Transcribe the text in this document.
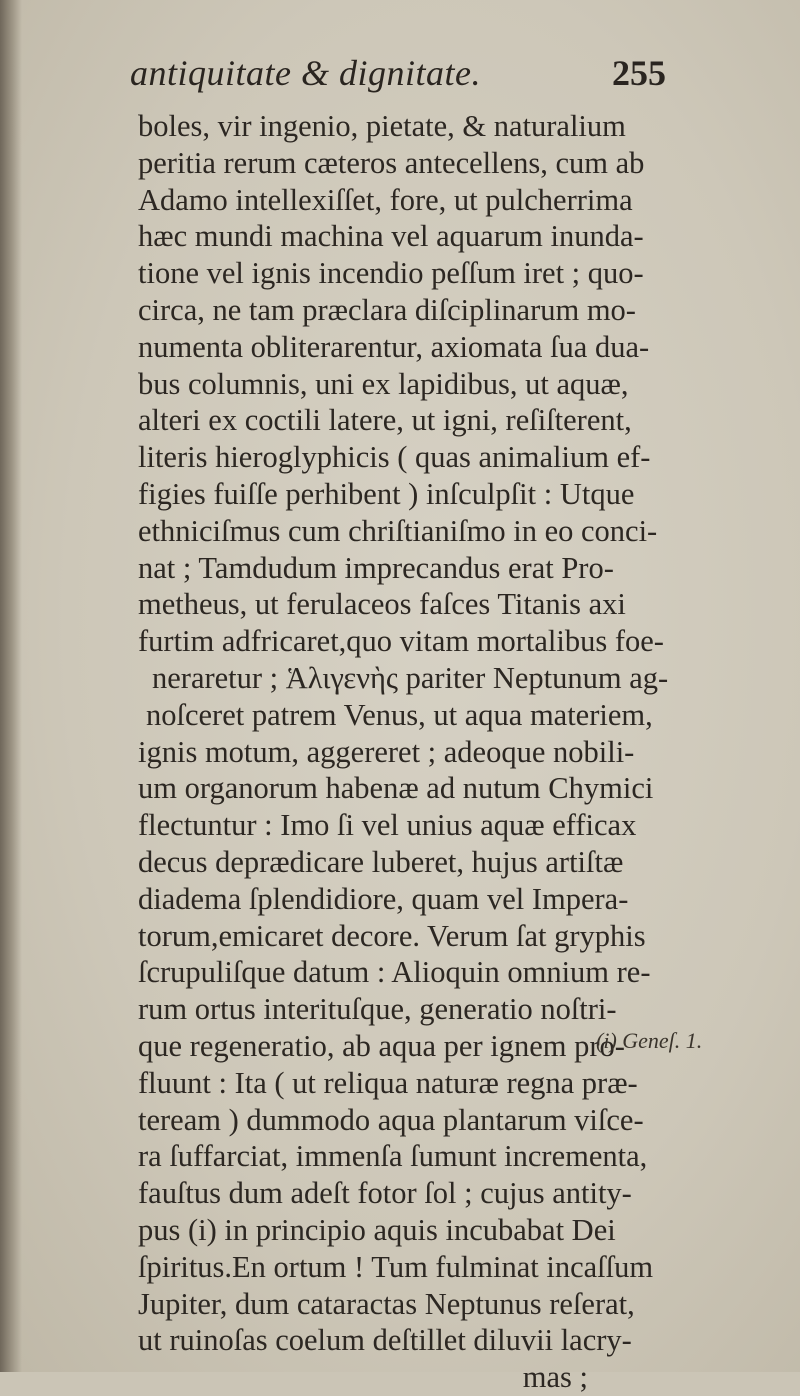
antiquitate & dignitate.	255
boles, vir ingenio, pietate, & naturalium
peritia rerum cæteros antecellens, cum ab
Adamo intellexiſſet, fore, ut pulcherrima
hæc mundi machina vel aquarum inunda-
tione vel ignis incendio peſſum iret ; quo-
circa, ne tam præclara diſciplinarum mo-
numenta obliterarentur, axiomata ſua dua-
bus columnis, uni ex lapidibus, ut aquæ,
alteri ex coctili latere, ut igni, reſiſterent,
literis hieroglyphicis ( quas animalium ef-
figies fuiſſe perhibent ) inſculpſit : Utque
ethniciſmus cum chriſtianiſmo in eo conci-
nat ; Tamdudum imprecandus erat Pro-
metheus, ut ferulaceos faſces Titanis axi
furtim adfricaret,quo vitam mortalibus foe-
neraretur ; Ἁλιγενὴς pariter Neptunum ag-
noſceret patrem Venus, ut aqua materiem,
ignis motum, aggereret ; adeoque nobili-
um organorum habenæ ad nutum Chymici
flectuntur : Imo ſi vel unius aquæ efficax
decus deprædicare luberet, hujus artiſtæ
diadema ſplendidiore, quam vel Impera-
torum,emicaret decore. Verum ſat gryphis
ſcrupuliſque datum : Alioquin omnium re-
rum ortus interituſque, generatio noſtri-
que regeneratio, ab aqua per ignem pro-
fluunt : Ita ( ut reliqua naturæ regna præ-
teream ) dummodo aqua plantarum viſce-
ra ſuffarciat, immenſa ſumunt incrementa,
fauſtus dum adeſt fotor ſol ; cujus antity-
pus (i) in principio aquis incubabat Dei
ſpiritus.En ortum ! Tum fulminat incaſſum
Jupiter, dum cataractas Neptunus reſerat,
ut ruinoſas coelum deſtillet diluvii lacry-
mas ;
(i) Geneſ. 1.
